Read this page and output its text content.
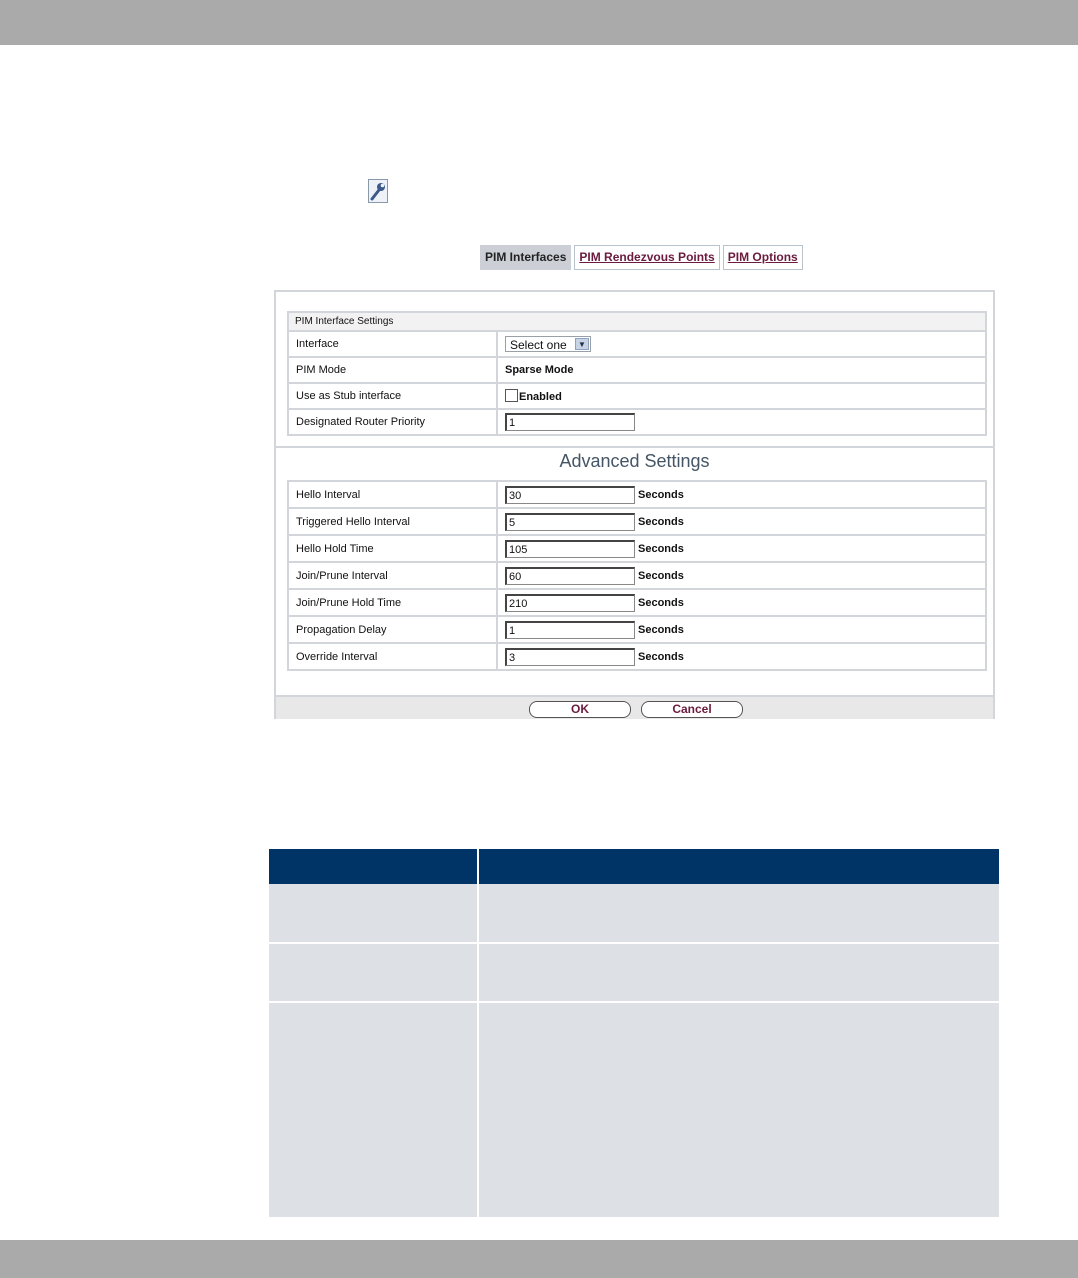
PIM Interfaces	PIM Rendezvous Points	PIM Options
PIM Interface Settings	
Interface	Select one ▼

PIM Mode	Sparse Mode
Use as Stub interface	Enabled
Designated Router Priority	1
Advanced Settings
Hello Interval	30 Seconds
Triggered Hello Interval	5 Seconds
Hello Hold Time	105 Seconds
Join/Prune Interval	60 Seconds
Join/Prune Hold Time	210 Seconds
Propagation Delay	1 Seconds
Override Interval	3 Seconds
OK	Cancel
